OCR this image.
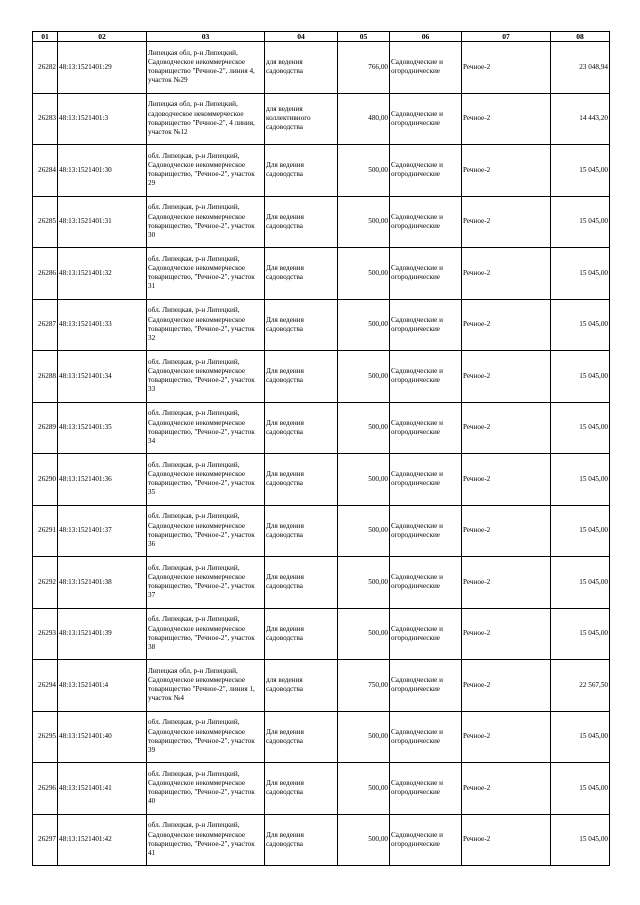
01	02	03	04	05	06	07	08
26282	48:13:1521401:29	Липецкая обл, р-н Липецкий, Садоводческое некоммерческое товарищество "Речное-2", линия 4, участок №29	для ведения садоводства	766,00	Садоводческие и огороднические	Речное-2	23 048,94
26283	48:13:1521401:3	Липецкая обл, р-н Липецкий, садоводческое некоммерческое товарищество "Речное-2", 4 линия, участок №12	для ведения коллективного садоводства	480,00	Садоводческие и огороднические	Речное-2	14 443,20
26284	48:13:1521401:30	обл. Липецкая, р-н Липецкий, Садоводческое некоммерческое товарищество, "Речное-2", участок 29	Для ведения садоводства	500,00	Садоводческие и огороднические	Речное-2	15 045,00
26285	48:13:1521401:31	обл. Липецкая, р-н Липецкий, Садоводческое некоммерческое товарищество, "Речное-2", участок 30	Для ведения садоводства	500,00	Садоводческие и огороднические	Речное-2	15 045,00
26286	48:13:1521401:32	обл. Липецкая, р-н Липецкий, Садоводческое некоммерческое товарищество, "Речное-2", участок 31	Для ведения садоводства	500,00	Садоводческие и огороднические	Речное-2	15 045,00
26287	48:13:1521401:33	обл. Липецкая, р-н Липецкий, Садоводческое некоммерческое товарищество, "Речное-2", участок 32	Для ведения садоводства	500,00	Садоводческие и огороднические	Речное-2	15 045,00
26288	48:13:1521401:34	обл. Липецкая, р-н Липецкий, Садоводческое некоммерческое товарищество, "Речное-2", участок 33	Для ведения садоводства	500,00	Садоводческие и огороднические	Речное-2	15 045,00
26289	48:13:1521401:35	обл. Липецкая, р-н Липецкий, Садоводческое некоммерческое товарищество, "Речное-2", участок 34	Для ведения садоводства	500,00	Садоводческие и огороднические	Речное-2	15 045,00
26290	48:13:1521401:36	обл. Липецкая, р-н Липецкий, Садоводческое некоммерческое товарищество, "Речное-2", участок 35	Для ведения садоводства	500,00	Садоводческие и огороднические	Речное-2	15 045,00
26291	48:13:1521401:37	обл. Липецкая, р-н Липецкий, Садоводческое некоммерческое товарищество, "Речное-2", участок 36	Для ведения садоводства	500,00	Садоводческие и огороднические	Речное-2	15 045,00
26292	48:13:1521401:38	обл. Липецкая, р-н Липецкий, Садоводческое некоммерческое товарищество, "Речное-2", участок 37	Для ведения садоводства	500,00	Садоводческие и огороднические	Речное-2	15 045,00
26293	48:13:1521401:39	обл. Липецкая, р-н Липецкий, Садоводческое некоммерческое товарищество, "Речное-2", участок 38	Для ведения садоводства	500,00	Садоводческие и огороднические	Речное-2	15 045,00
26294	48:13:1521401:4	Липецкая обл, р-н Липецкий, Садоводческое некоммерческое товарищество "Речное-2", линия 1, участок №4	для ведения садоводства	750,00	Садоводческие и огороднические	Речное-2	22 567,50
26295	48:13:1521401:40	обл. Липецкая, р-н Липецкий, Садоводческое некоммерческое товарищество, "Речное-2", участок 39	Для ведения садоводства	500,00	Садоводческие и огороднические	Речное-2	15 045,00
26296	48:13:1521401:41	обл. Липецкая, р-н Липецкий, Садоводческое некоммерческое товарищество, "Речное-2", участок 40	Для ведения садоводства	500,00	Садоводческие и огороднические	Речное-2	15 045,00
26297	48:13:1521401:42	обл. Липецкая, р-н Липецкий, Садоводческое некоммерческое товарищество, "Речное-2", участок 41	Для ведения садоводства	500,00	Садоводческие и огороднические	Речное-2	15 045,00
